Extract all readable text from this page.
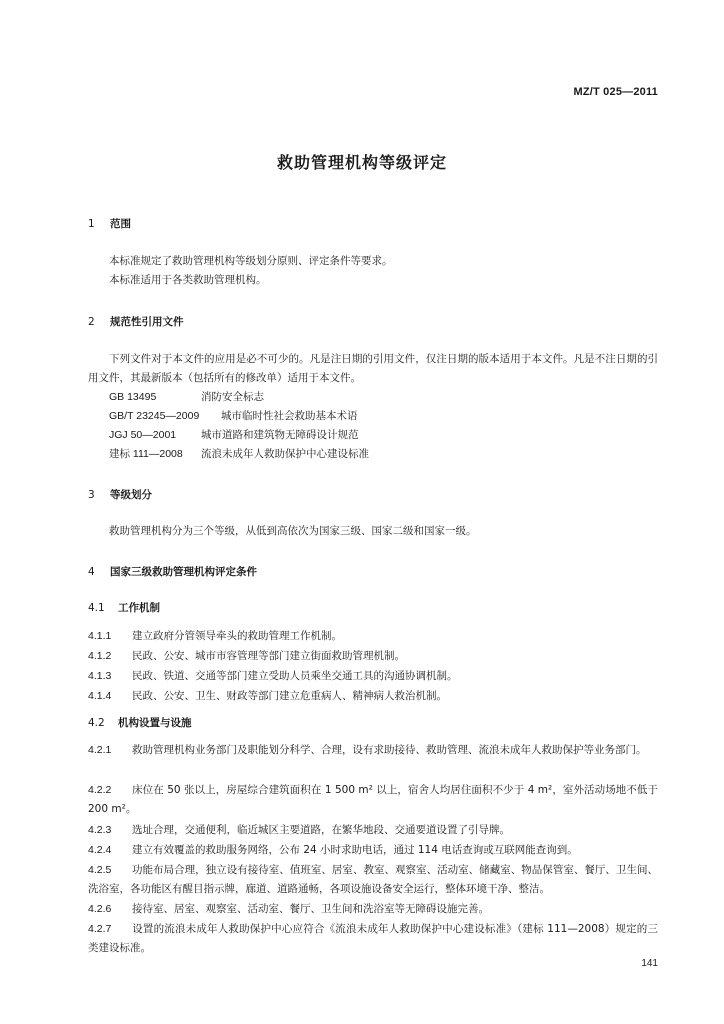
MZ/T 025—2011
救助管理机构等级评定
1 范围
本标准规定了救助管理机构等级划分原则、评定条件等要求。
本标准适用于各类救助管理机构。
2 规范性引用文件
下列文件对于本文件的应用是必不可少的。凡是注日期的引用文件，仅注日期的版本适用于本文件。凡是不注日期的引用文件，其最新版本（包括所有的修改单）适用于本文件。
GB 13495	消防安全标志
GB/T 23245—2009 城市临时性社会救助基本术语
JGJ 50—2001 城市道路和建筑物无障碍设计规范
建标 111—2008 流浪未成年人救助保护中心建设标准
3 等级划分
救助管理机构分为三个等级，从低到高依次为国家三级、国家二级和国家一级。
4 国家三级救助管理机构评定条件
4.1 工作机制
4.1.1 建立政府分管领导牵头的救助管理工作机制。
4.1.2 民政、公安、城市市容管理等部门建立街面救助管理机制。
4.1.3 民政、铁道、交通等部门建立受助人员乘坐交通工具的沟通协调机制。
4.1.4 民政、公安、卫生、财政等部门建立危重病人、精神病人救治机制。
4.2 机构设置与设施
4.2.1 救助管理机构业务部门及职能划分科学、合理，设有求助接待、救助管理、流浪未成年人救助保护等业务部门。
4.2.2 床位在 50 张以上，房屋综合建筑面积在 1 500 m² 以上，宿舍人均居住面积不少于 4 m²，室外活动场地不低于 200 m²。
4.2.3 选址合理，交通便利，临近城区主要道路，在繁华地段、交通要道设置了引导牌。
4.2.4 建立有效覆盖的救助服务网络，公布 24 小时求助电话，通过 114 电话查询或互联网能查询到。
4.2.5 功能布局合理，独立设有接待室、值班室、居室、教室、观察室、活动室、储藏室、物品保管室、餐厅、卫生间、洗浴室，各功能区有醒目指示牌，廊道、道路通畅，各项设施设备安全运行，整体环境干净、整洁。
4.2.6 接待室、居室、观察室、活动室、餐厅、卫生间和洗浴室等无障碍设施完善。
4.2.7 设置的流浪未成年人救助保护中心应符合《流浪未成年人救助保护中心建设标准》（建标 111—2008）规定的三类建设标准。
141
